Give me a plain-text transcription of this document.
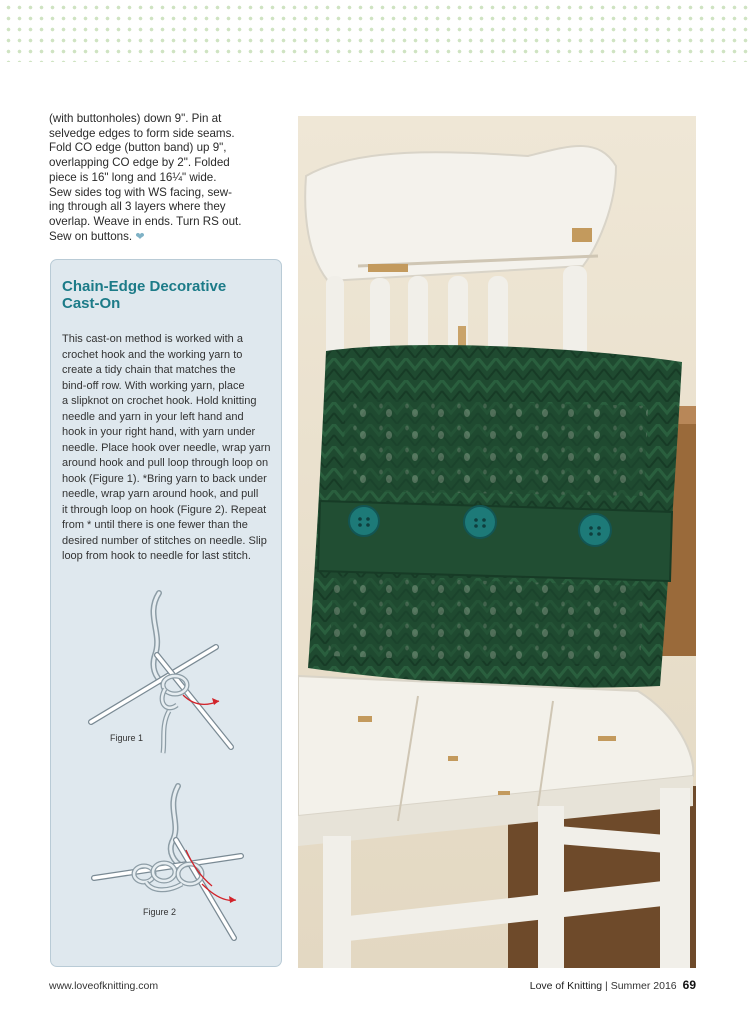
(with buttonholes) down 9". Pin at
selvedge edges to form side seams.
Fold CO edge (button band) up 9",
overlapping CO edge by 2". Folded
piece is 16" long and 16¼" wide.
Sew sides tog with WS facing, sew-
ing through all 3 layers where they
overlap. Weave in ends. Turn RS out.
Sew on buttons. ❤
Chain-Edge Decorative
Cast-On
This cast-on method is worked with a
crochet hook and the working yarn to
create a tidy chain that matches the
bind-off row. With working yarn, place
a slipknot on crochet hook. Hold knitting
needle and yarn in your left hand and
hook in your right hand, with yarn under
needle. Place hook over needle, wrap yarn
around hook and pull loop through loop on
hook (Figure 1). *Bring yarn to back under
needle, wrap yarn around hook, and pull
it through loop on hook (Figure 2). Repeat
from * until there is one fewer than the
desired number of stitches on needle. Slip
loop from hook to needle for last stitch.
Figure 1
Figure 2
www.loveofknitting.com	Love of Knitting | Summer 2016 69
